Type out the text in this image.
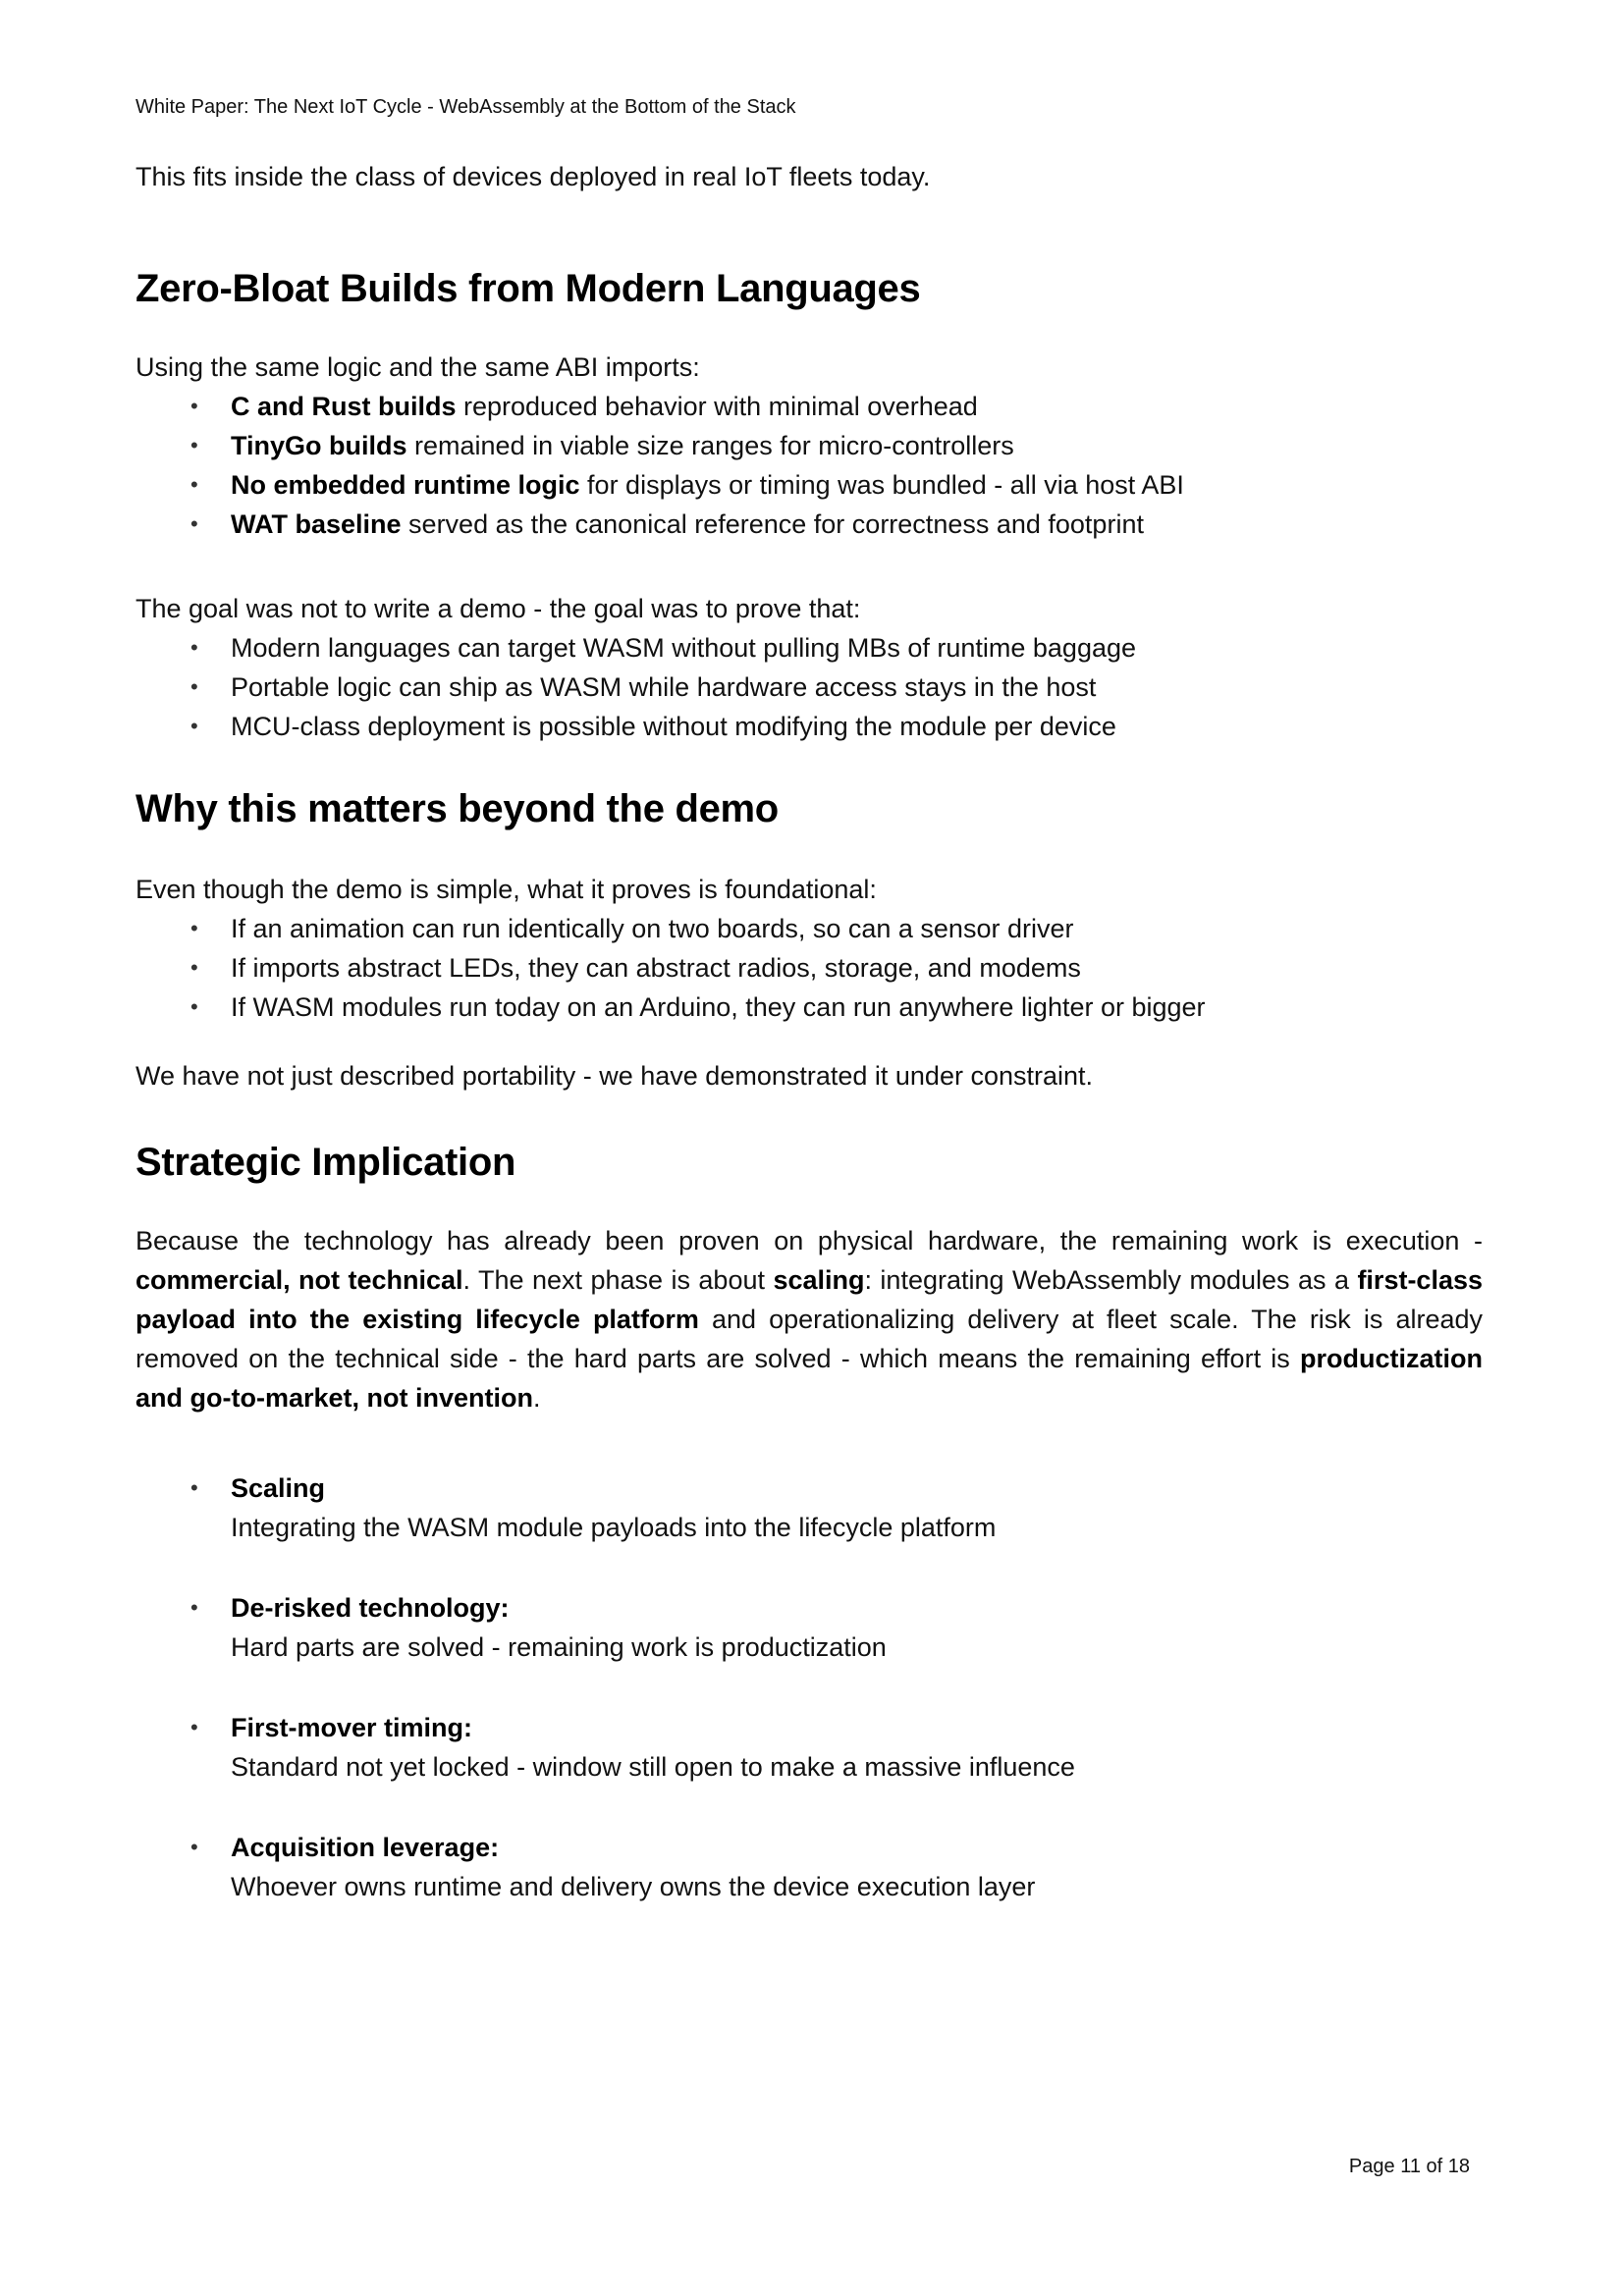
White Paper: The Next IoT Cycle - WebAssembly at the Bottom of the Stack
This fits inside the class of devices deployed in real IoT fleets today.
Zero-Bloat Builds from Modern Languages
Using the same logic and the same ABI imports:
• C and Rust builds reproduced behavior with minimal overhead
• TinyGo builds remained in viable size ranges for micro-controllers
• No embedded runtime logic for displays or timing was bundled - all via host ABI
• WAT baseline served as the canonical reference for correctness and footprint
The goal was not to write a demo - the goal was to prove that:
• Modern languages can target WASM without pulling MBs of runtime baggage
• Portable logic can ship as WASM while hardware access stays in the host
• MCU-class deployment is possible without modifying the module per device
Why this matters beyond the demo
Even though the demo is simple, what it proves is foundational:
• If an animation can run identically on two boards, so can a sensor driver
• If imports abstract LEDs, they can abstract radios, storage, and modems
• If WASM modules run today on an Arduino, they can run anywhere lighter or bigger
We have not just described portability - we have demonstrated it under constraint.
Strategic Implication
Because the technology has already been proven on physical hardware, the remaining work is execution - commercial, not technical. The next phase is about scaling: integrating WebAssembly modules as a first-class payload into the existing lifecycle platform and operationalizing delivery at fleet scale. The risk is already removed on the technical side - the hard parts are solved - which means the remaining effort is productization and go-to-market, not invention.
• Scaling
Integrating the WASM module payloads into the lifecycle platform
• De-risked technology:
Hard parts are solved - remaining work is productization
• First-mover timing:
Standard not yet locked - window still open to make a massive influence
• Acquisition leverage:
Whoever owns runtime and delivery owns the device execution layer
Page 11 of 18
